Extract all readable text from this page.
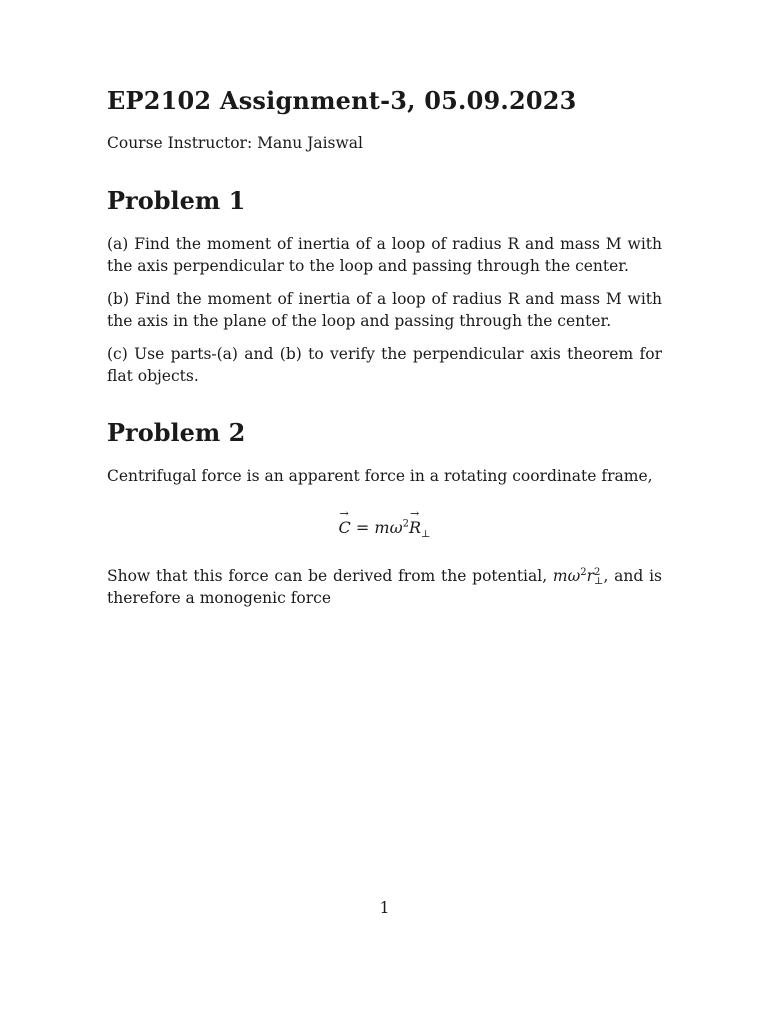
EP2102 Assignment-3, 05.09.2023

Course Instructor: Manu Jaiswal

Problem 1

(a) Find the moment of inertia of a loop of radius R and mass M with the axis perpendicular to the loop and passing through the center.

(b) Find the moment of inertia of a loop of radius R and mass M with the axis in the plane of the loop and passing through the center.

(c) Use parts-(a) and (b) to verify the perpendicular axis theorem for flat objects.

Problem 2

Centrifugal force is an apparent force in a rotating coordinate frame,

→ $C = m\omega^2\to R_\perp$

Show that this force can be derived from the potential, $m\omega^2r$ 2
⊥ , and is therefore a monogenic force

1
